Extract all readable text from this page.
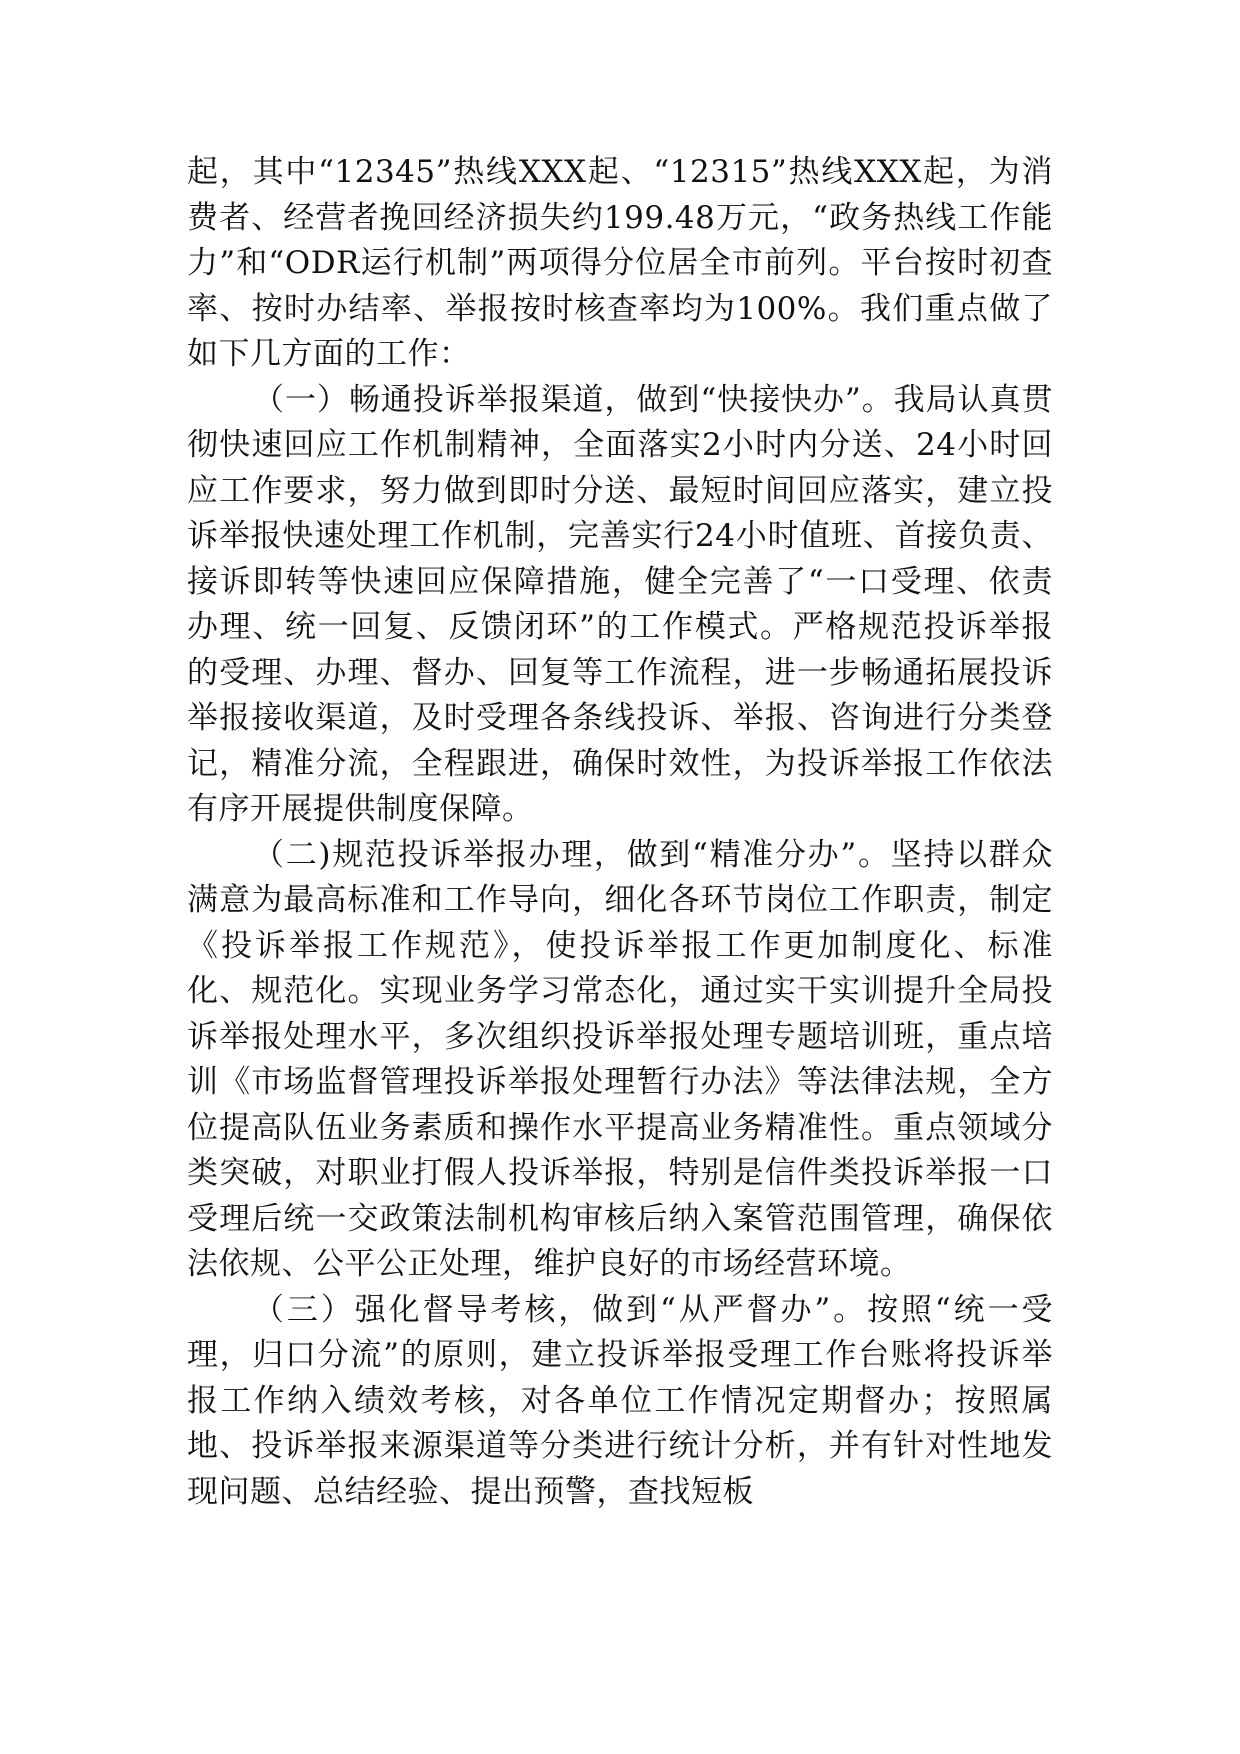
起，其中“12345”热线XXX起、“12315”热线XXX起，为消费者、经营者挽回经济损失约199.48万元，“政务热线工作能力”和“ODR运行机制”两项得分位居全市前列。平台按时初查率、按时办结率、举报按时核查率均为100%。我们重点做了如下几方面的工作：

（一）畅通投诉举报渠道，做到“快接快办”。我局认真贯彻快速回应工作机制精神，全面落实2小时内分送、24小时回应工作要求，努力做到即时分送、最短时间回应落实，建立投诉举报快速处理工作机制，完善实行24小时值班、首接负责、接诉即转等快速回应保障措施，健全完善了“一口受理、依责办理、统一回复、反馈闭环”的工作模式。严格规范投诉举报的受理、办理、督办、回复等工作流程，进一步畅通拓展投诉举报接收渠道，及时受理各条线投诉、举报、咨询进行分类登记，精准分流，全程跟进，确保时效性，为投诉举报工作依法有序开展提供制度保障。

（二)规范投诉举报办理，做到“精准分办”。坚持以群众满意为最高标准和工作导向，细化各环节岗位工作职责，制定《投诉举报工作规范》，使投诉举报工作更加制度化、标准化、规范化。实现业务学习常态化，通过实干实训提升全局投诉举报处理水平，多次组织投诉举报处理专题培训班，重点培训《市场监督管理投诉举报处理暂行办法》等法律法规，全方位提高队伍业务素质和操作水平提高业务精准性。重点领域分类突破，对职业打假人投诉举报，特别是信件类投诉举报一口受理后统一交政策法制机构审核后纳入案管范围管理，确保依法依规、公平公正处理，维护良好的市场经营环境。

（三）强化督导考核，做到“从严督办”。按照“统一受理，归口分流”的原则，建立投诉举报受理工作台账将投诉举报工作纳入绩效考核，对各单位工作情况定期督办；按照属地、投诉举报来源渠道等分类进行统计分析，并有针对性地发现问题、总结经验、提出预警，查找短板
